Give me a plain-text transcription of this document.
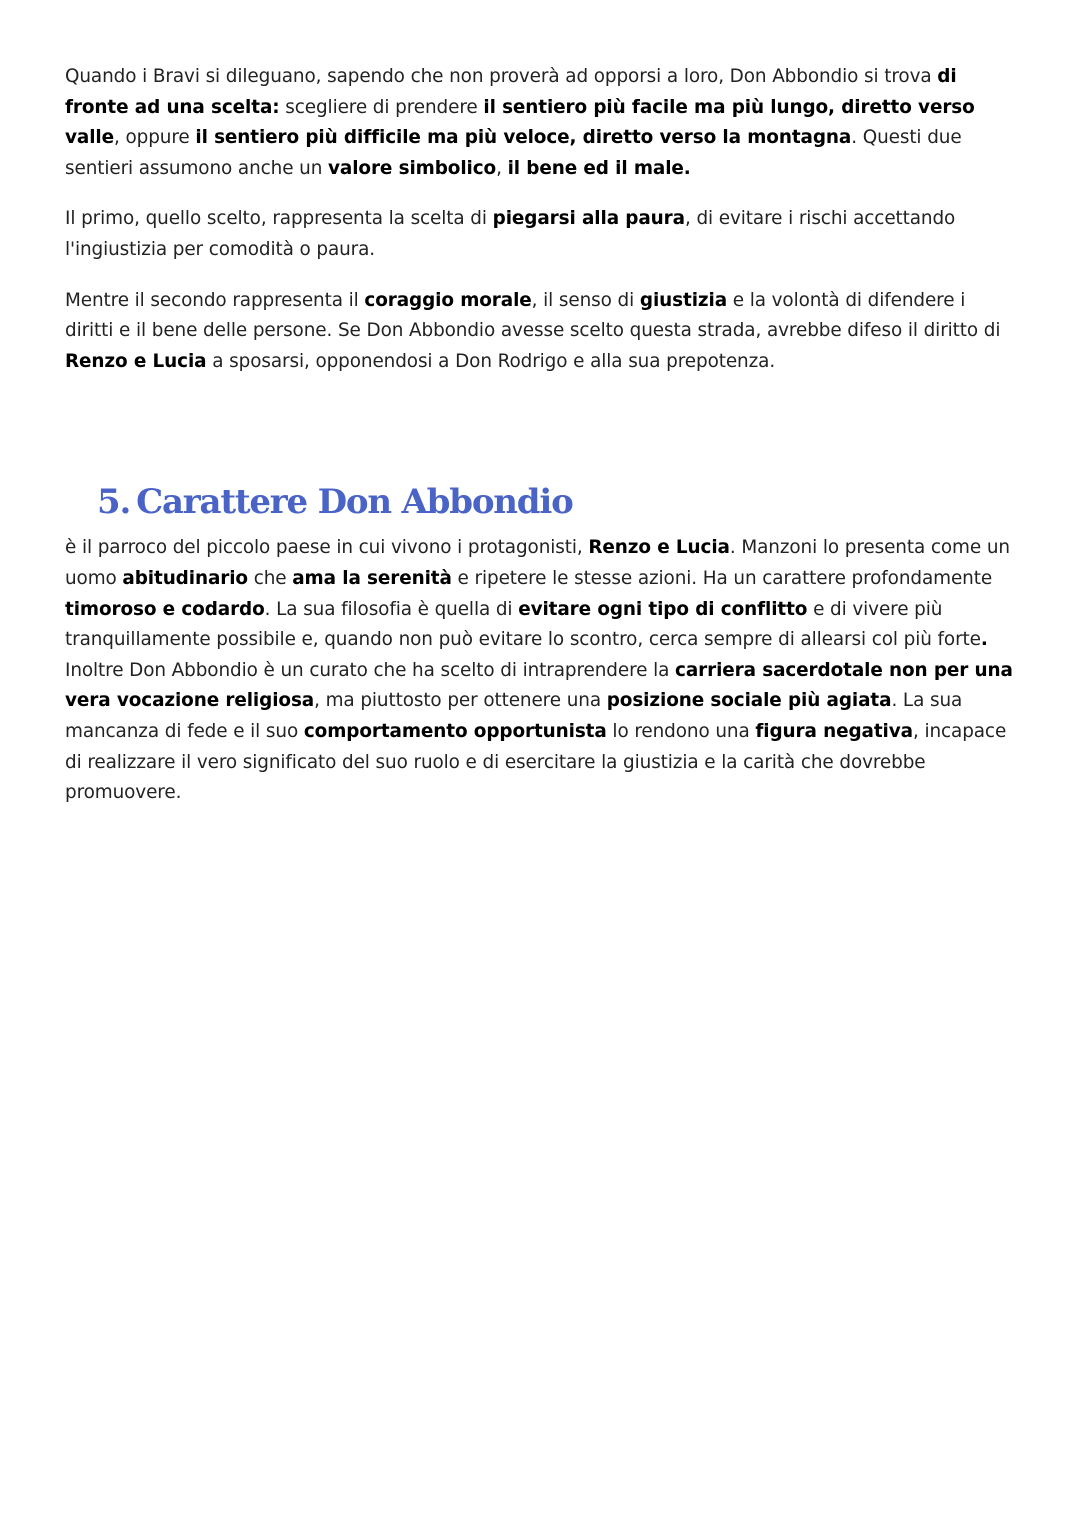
Quando i Bravi si dileguano, sapendo che non proverà ad opporsi a loro, Don Abbondio si trova di fronte ad una scelta: scegliere di prendere il sentiero più facile ma più lungo, diretto verso valle, oppure il sentiero più difficile ma più veloce, diretto verso la montagna. Questi due sentieri assumono anche un valore simbolico, il bene ed il male.

Il primo, quello scelto, rappresenta la scelta di piegarsi alla paura, di evitare i rischi accettando l'ingiustizia per comodità o paura.

Mentre il secondo rappresenta il coraggio morale, il senso di giustizia e la volontà di difendere i diritti e il bene delle persone. Se Don Abbondio avesse scelto questa strada, avrebbe difeso il diritto di Renzo e Lucia a sposarsi, opponendosi a Don Rodrigo e alla sua prepotenza.

5. Carattere Don Abbondio

è il parroco del piccolo paese in cui vivono i protagonisti, Renzo e Lucia. Manzoni lo presenta come un uomo abitudinario che ama la serenità e ripetere le stesse azioni. Ha un carattere profondamente timoroso e codardo. La sua filosofia è quella di evitare ogni tipo di conflitto e di vivere più tranquillamente possibile e, quando non può evitare lo scontro, cerca sempre di allearsi col più forte. Inoltre Don Abbondio è un curato che ha scelto di intraprendere la carriera sacerdotale non per una vera vocazione religiosa, ma piuttosto per ottenere una posizione sociale più agiata. La sua mancanza di fede e il suo comportamento opportunista lo rendono una figura negativa, incapace di realizzare il vero significato del suo ruolo e di esercitare la giustizia e la carità che dovrebbe promuovere.
